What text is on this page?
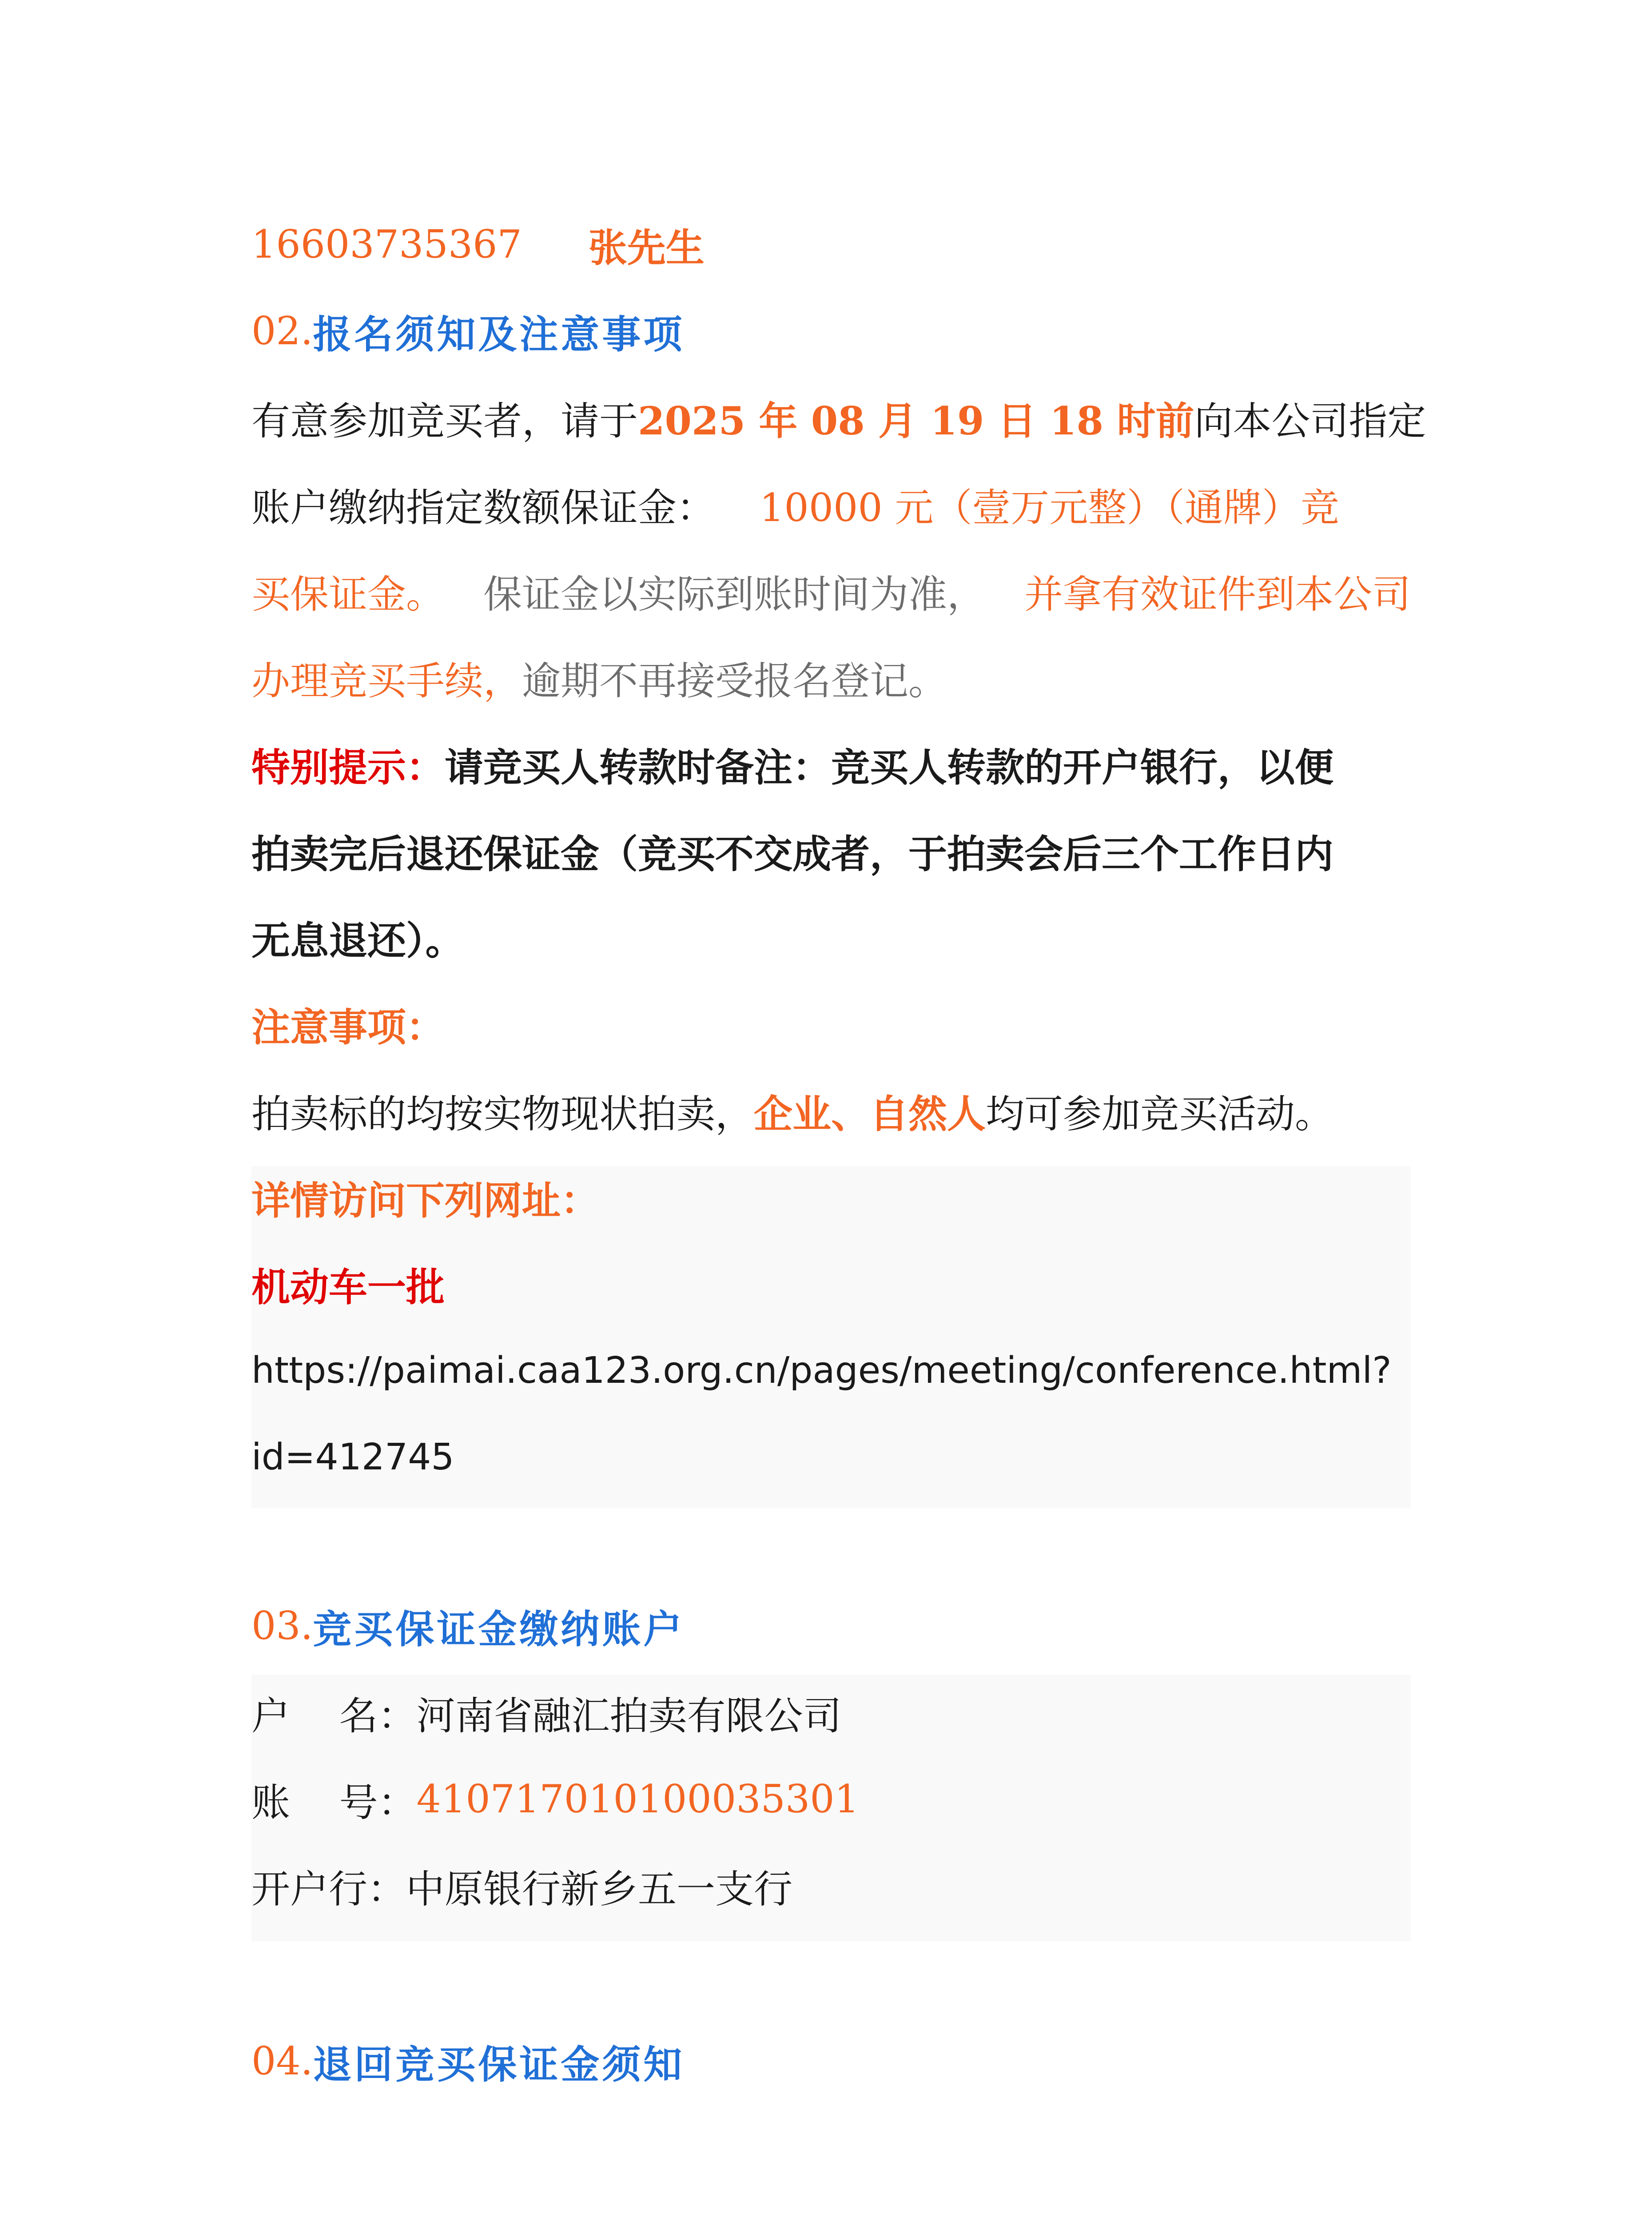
16603735367 张先生
02. 报名须知及注意事项
有意参加竞买者，请于 2025 年 08 月 19 日 18 时前 向本公司指定
账户缴纳指定数额保证金： 10000 元（壹万元整）（通牌）竞
买保证金。 保证金以实际到账时间为准， 并拿有效证件到本公司
办理竞买手续， 逾期不再接受报名登记。
特别提示： 请竞买人转款时备注：竞买人转款的开户银行，以便
拍卖完后退还保证金（竞买不交成者，于拍卖会后三个工作日内
无息退还）。
注意事项：
拍卖标的均按实物现状拍卖， 企业、自然人 均可参加竞买活动。
详情访问下列网址：
机动车一批
https://paimai.caa123.org.cn/pages/meeting/conference.html?
id=412745
03. 竞买保证金缴纳账户
户    名： 河南省融汇拍卖有限公司
账    号： 410717010100035301
开户行： 中原银行新乡五一支行
04. 退回竞买保证金须知
